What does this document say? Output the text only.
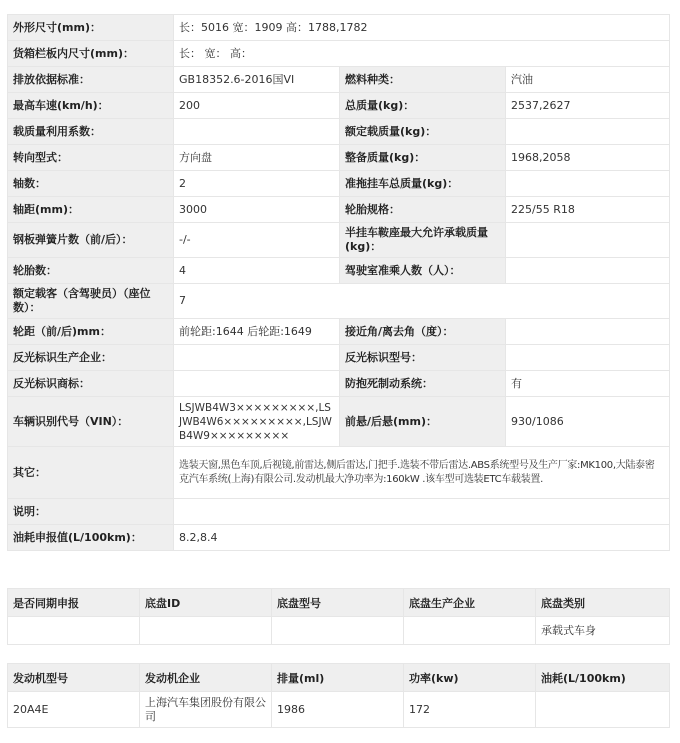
外形尺寸(mm)：	长：5016 宽：1909 高：1788,1782		
货箱栏板内尺寸(mm)：	长： 宽： 高：		
排放依据标准：	GB18352.6-2016国VI	燃料种类：	汽油
最高车速(km/h)：	200	总质量(kg)：	2537,2627
载质量利用系数：		额定载质量(kg)：	
转向型式：	方向盘	整备质量(kg)：	1968,2058
轴数：	2	准拖挂车总质量(kg)：	
轴距(mm)：	3000	轮胎规格：	225/55 R18
钢板弹簧片数（前/后）：	-/-	半挂车鞍座最大允许承载质量(kg)：	
轮胎数：	4	驾驶室准乘人数（人）：	
额定载客（含驾驶员）（座位数）：	7		
轮距（前/后)mm：	前轮距:1644 后轮距:1649	接近角/离去角（度）：	
反光标识生产企业：		反光标识型号：	
反光标识商标：		防抱死制动系统：	有
车辆识别代号（VIN）：	LSJWB4W3×××××××××,LSJWB4W6×××××××××,LSJWB4W9×××××××××	前悬/后悬(mm)：	930/1086
其它：	选装天窗,黑色车顶,后视镜,前雷达,侧后雷达,门把手.选装不带后雷达.ABS系统型号及生产厂家:MK100,大陆泰密克汽车系统(上海)有限公司.发动机最大净功率为:160kW .该车型可选装ETC车载装置.		
说明：			
油耗申报值(L/100km)：	8.2,8.4		
是否同期申报	底盘ID	底盘型号	底盘生产企业	底盘类别
				承载式车身
发动机型号	发动机企业	排量(ml)	功率(kw)	油耗(L/100km)
20A4E	上海汽车集团股份有限公司	1986	172	
